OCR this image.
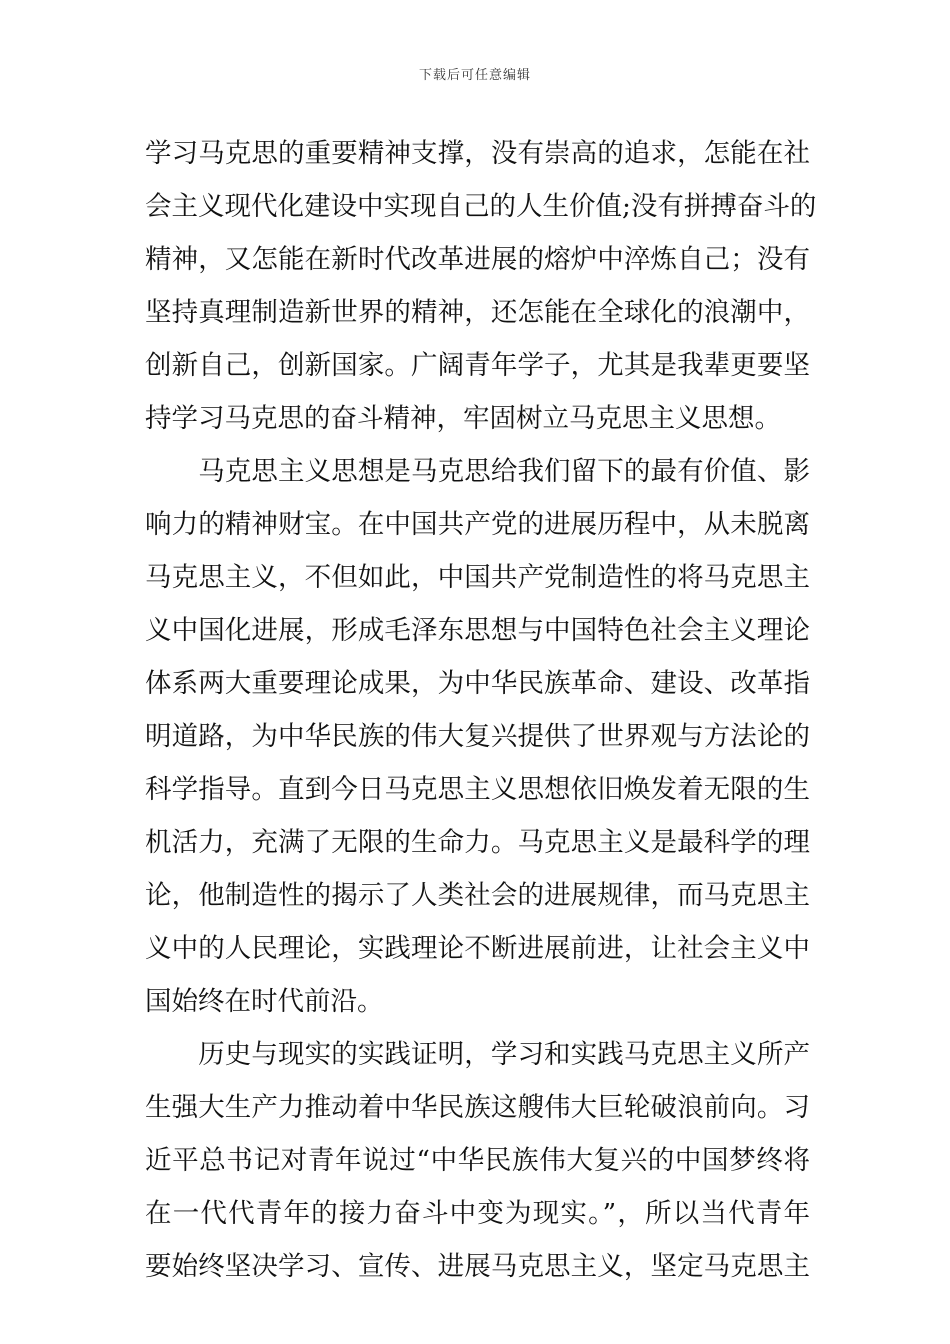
下载后可任意编辑
学习马克思的重要精神支撑，没有崇高的追求，怎能在社
会主义现代化建设中实现自己的人生价值;没有拼搏奋斗的
精神，又怎能在新时代改革进展的熔炉中淬炼自己；没有
坚持真理制造新世界的精神，还怎能在全球化的浪潮中，
创新自己，创新国家。广阔青年学子，尤其是我辈更要坚
持学习马克思的奋斗精神，牢固树立马克思主义思想。
　　马克思主义思想是马克思给我们留下的最有价值、影
响力的精神财宝。在中国共产党的进展历程中，从未脱离
马克思主义，不但如此，中国共产党制造性的将马克思主
义中国化进展，形成毛泽东思想与中国特色社会主义理论
体系两大重要理论成果，为中华民族革命、建设、改革指
明道路，为中华民族的伟大复兴提供了世界观与方法论的
科学指导。直到今日马克思主义思想依旧焕发着无限的生
机活力，充满了无限的生命力。马克思主义是最科学的理
论，他制造性的揭示了人类社会的进展规律，而马克思主
义中的人民理论，实践理论不断进展前进，让社会主义中
国始终在时代前沿。
　　历史与现实的实践证明，学习和实践马克思主义所产
生强大生产力推动着中华民族这艘伟大巨轮破浪前向。习
近平总书记对青年说过“中华民族伟大复兴的中国梦终将
在一代代青年的接力奋斗中变为现实。”，所以当代青年
要始终坚决学习、宣传、进展马克思主义，坚定马克思主
